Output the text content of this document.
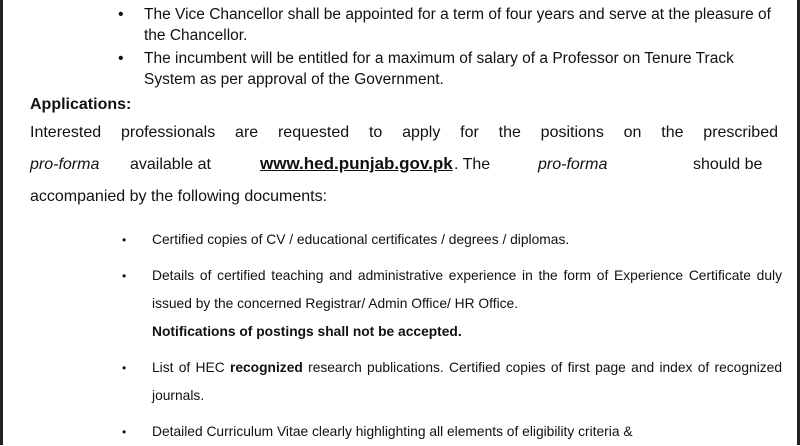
• The Vice Chancellor shall be appointed for a term of four years and serve at the pleasure of the Chancellor.
• The incumbent will be entitled for a maximum of salary of a Professor on Tenure Track System as per approval of the Government.
Applications:
Interested professionals are requested to apply for the positions on the prescribed
pro-forma available at	www.hed.punjab.gov.pk . The	pro-forma	should be
accompanied by the following documents:
• Certified copies of CV / educational certificates / degrees / diplomas.
• Details of certified teaching and administrative experience in the form of Experience Certificate duly issued by the concerned Registrar/ Admin Office/ HR Office.
Notifications of postings shall not be accepted.
• List of HEC recognized research publications. Certified copies of first page and index of recognized journals.
• Detailed Curriculum Vitae clearly highlighting all elements of eligibility criteria &
